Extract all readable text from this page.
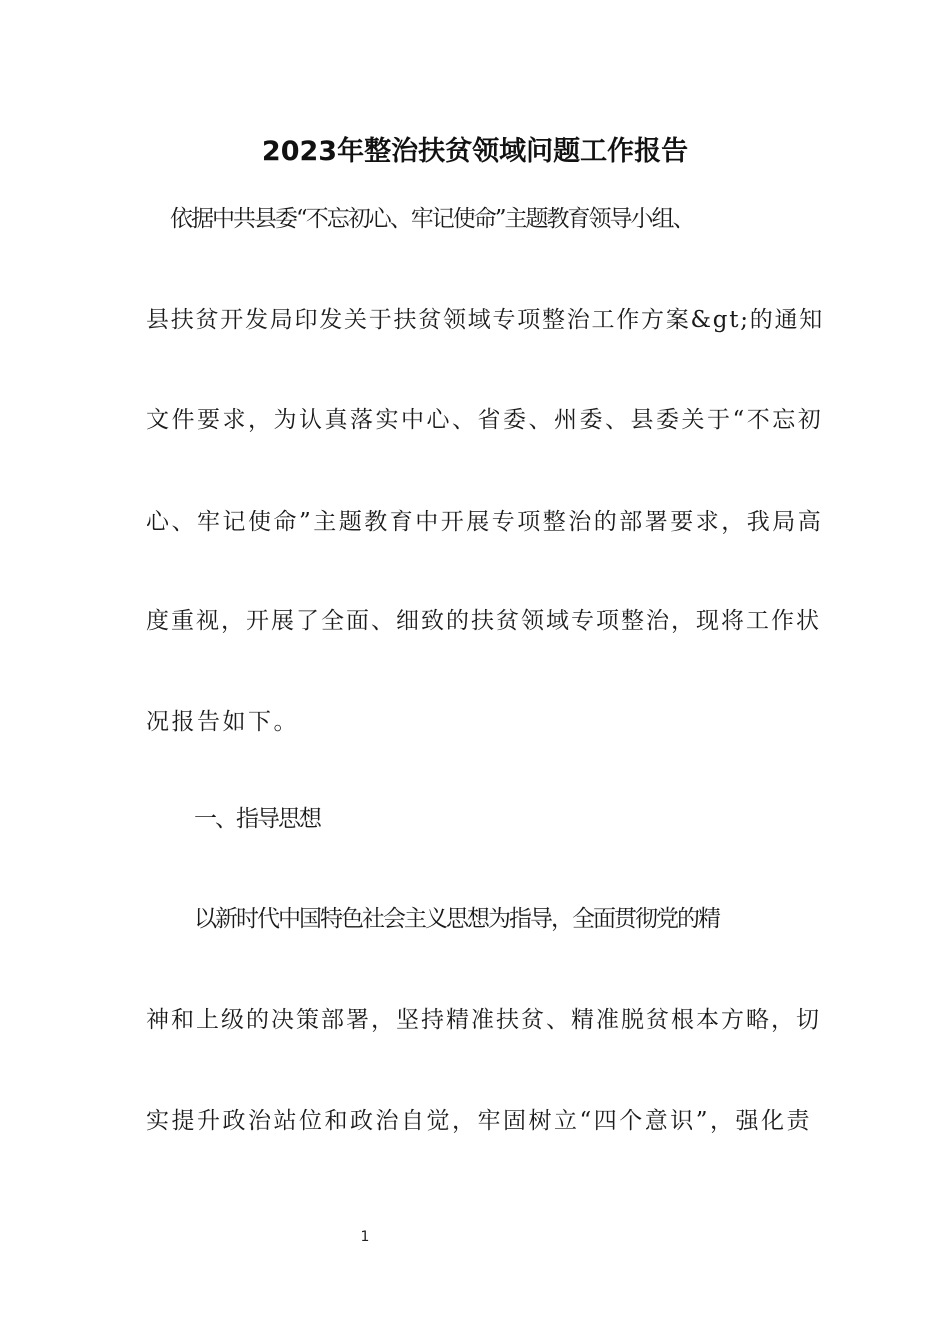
2023年整治扶贫领域问题工作报告
依据中共县委“不忘初心、牢记使命”主题教育领导小组、
县扶贫开发局印发关于扶贫领域专项整治工作方案&gt;的通知
文件要求，为认真落实中心、省委、州委、县委关于“不忘初
心、牢记使命”主题教育中开展专项整治的部署要求，我局高
度重视，开展了全面、细致的扶贫领域专项整治，现将工作状
况报告如下。
一、指导思想
以新时代中国特色社会主义思想为指导，全面贯彻党的精
神和上级的决策部署，坚持精准扶贫、精准脱贫根本方略，切
实提升政治站位和政治自觉，牢固树立“四个意识”，强化责
1
